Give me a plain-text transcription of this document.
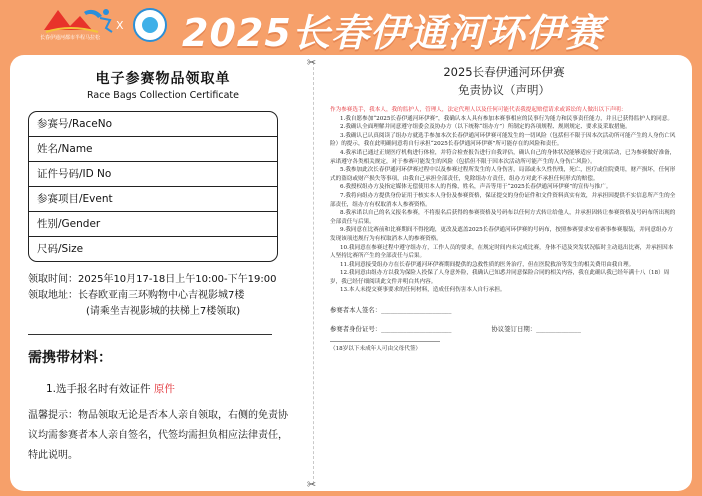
长春伊通河都市半程马拉松
X 2025长春伊通河环伊赛
✂
✂
电子参赛物品领取单
Race Bags Collection Certificate
参赛号/RaceNo
姓名/Name
证件号码/ID No
参赛项目/Event
性别/Gender
尺码/Size
领取时间：2025年10月17-18日上午10:00-下午19:00
领取地址：长春欧亚南三环购物中心吉视影城7楼
(请乘坐吉视影城的扶梯上7楼领取)
需携带材料：
1.选手报名时有效证件 原件
温馨提示：物品领取无论是否本人亲自领取，右侧的免责协议均需参赛者本人亲自签名，代签均需担负相应法律责任，特此说明。
2025长春伊通河环伊赛
免责协议（声明）
作为参赛选手，我本人，我的监护人，管理人，法定代理人以及任何可能代表我提起赔偿请求或诉讼的人做出以下声明：
1.我自愿参加“2025长春伊通河环伊赛”，我确认本人具有参加本赛事相应的民事行为能力和民事责任能力，并且已获得监护人的同意。
2.我确认全面理解并同意遵守组委会及协办方（以下统称“组办方”）所制定的各项规程、规则规定、要求及采取措施。
3.我确认已认真阅读了组办方就选手参加本次长春伊通河环伊赛可能发生的一切风险（包括但不限于因本次活动所可能产生的人身伤亡风险）的提示，我在此明确同意将自行承担“2025长春伊通河环伊赛”所可能存在的风险和责任。
4.我承诺已通过正规医疗机构进行体检，并符合检查报告进行自我评估，确认自己的身体状况能够适应于此项活动，已为参赛做好准备，承诺遵守各类相关规定，对于参赛可能发生的风险（包括但不限于因本次活动所可能产生的人身伤亡风险）。
5.我参加此次长春伊通河环伊赛过程中以及参赛过程所发生的人身伤害，局部或永久性伤残，死亡，医疗或住院费用，财产损坏，任何形式的盗窃或财产损失等事项，由我自己承担全部责任，免除组办方责任，组办方对此不承担任何形式的赔偿。
6.我授权组办方及指定媒体无偿使用本人的肖像，姓名，声音等用于“2025长春伊通河环伊赛”的宣传与推广。
7.我将向组办方提供身份证用于核实本人身份及参赛资格，保证提交的身份证件和文件资料真实有效，并承担因提供不实信息所产生的全部责任，组办方有权取消本人参赛资格。
8.我承诺以自己的名义报名参赛，不将报名后获得的参赛资格及号码布以任何方式转让给他人，并承担因转让参赛资格及号码布所出现的全部责任与后果。
9.我同意在比赛前和比赛期间不得抢跑，更改及遮盖2025长春伊通河环伊赛的号码布，按照参赛要求安看赛事参赛服装，并同意组办方发现该项违规行为有权取消本人的参赛资格。
10.我同意在参赛过程中遵守组办方，工作人员的要求，在规定时间内未完成比赛，身体不适及突发状况临时主动退出比赛，并承担因本人坚持比赛所产生的全部责任与后果。
11.我同意接受组办方在长春伊通河环伊赛期间提供的急救性质的医务治疗，但在医院救治等发生的相关费用由我自理。
12.我同意由组办方以我为保险人投保了人身意外险，我确认已知悉并同意保险合同的相关内容，我在此确认我已经年满十八（18）周岁，我已经仔细阅读此文件并明白其内容。
13.本人未提交赛事要求的任何材料，造成任何伤害本人自行承担。
参赛者本人签名：______________________
参赛者身份证号：______________________	协议签订日期：______________
（18岁以下未成年人可由父母代签）
